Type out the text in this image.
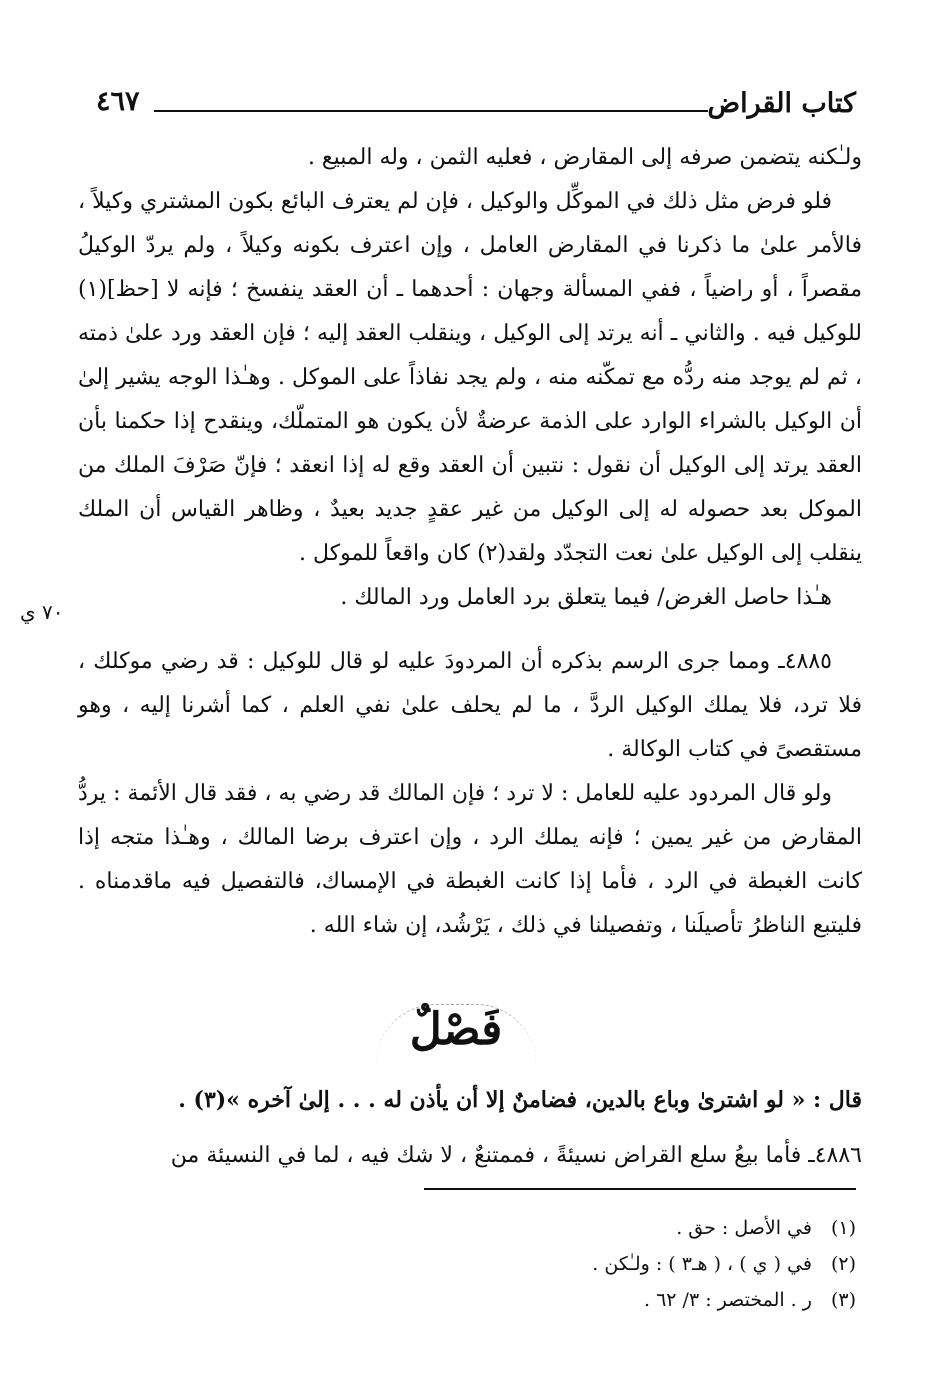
كتاب القراض
٤٦٧
٧٠ ي

ولـٰكنه يتضمن صرفه إلى المقارض ، فعليه الثمن ، وله المبيع .

فلو فرض مثل ذلك في الموكِّل والوكيل ، فإن لم يعترف البائع بكون المشتري وكيلاً ، فالأمر علىٰ ما ذكرنا في المقارض العامل ، وإن اعترف بكونه وكيلاً ، ولم يردّ الوكيلُ مقصراً ، أو راضياً ، ففي المسألة وجهان : أحدهما ـ أن العقد ينفسخ ؛ فإنه لا [حظ](١) للوكيل فيه . والثاني ـ أنه يرتد إلى الوكيل ، وينقلب العقد إليه ؛ فإن العقد ورد علىٰ ذمته ، ثم لم يوجد منه ردُّه مع تمكّنه منه ، ولم يجد نفاذاً على الموكل . وهـٰذا الوجه يشير إلىٰ أن الوكيل بالشراء الوارد على الذمة عرضةٌ لأن يكون هو المتملّك، وينقدح إذا حكمنا بأن العقد يرتد إلى الوكيل أن نقول : نتبين أن العقد وقع له إذا انعقد ؛ فإنّ صَرْفَ الملك من الموكل بعد حصوله له إلى الوكيل من غير عقدٍ جديد بعيدٌ ، وظاهر القياس أن الملك ينقلب إلى الوكيل علىٰ نعت التجدّد ولقد(٢) كان واقعاً للموكل .

هـٰذا حاصل الغرض/ فيما يتعلق برد العامل ورد المالك .

٤٨٨٥ـ ومما جرى الرسم بذكره أن المردودَ عليه لو قال للوكيل : قد رضي موكلك ، فلا ترد، فلا يملك الوكيل الردَّ ، ما لم يحلف علىٰ نفي العلم ، كما أشرنا إليه ، وهو مستقصىً في كتاب الوكالة .

ولو قال المردود عليه للعامل : لا ترد ؛ فإن المالك قد رضي به ، فقد قال الأئمة : يردُّ المقارض من غير يمين ؛ فإنه يملك الرد ، وإن اعترف برضا المالك ، وهـٰذا متجه إذا كانت الغبطة في الرد ، فأما إذا كانت الغبطة في الإمساك، فالتفصيل فيه ماقدمناه . فليتبع الناظرُ تأصيلَنا ، وتفصيلنا في ذلك ، يَرْشُد، إن شاء الله .

فَصْلٌ
قال : « لو اشترىٰ وباع بالدين، فضامنٌ إلا أن يأذن له . . . إلىٰ آخره »(٣) .
٤٨٨٦ـ فأما بيعُ سلع القراض نسيئةً ، فممتنعٌ ، لا شك فيه ، لما في النسيئة من
(١) في الأصل : حق .
(٢) في ( ي ) ، ( هـ٣ ) : ولـٰكن .
(٣) ر . المختصر : ٣/ ٦٢ .
